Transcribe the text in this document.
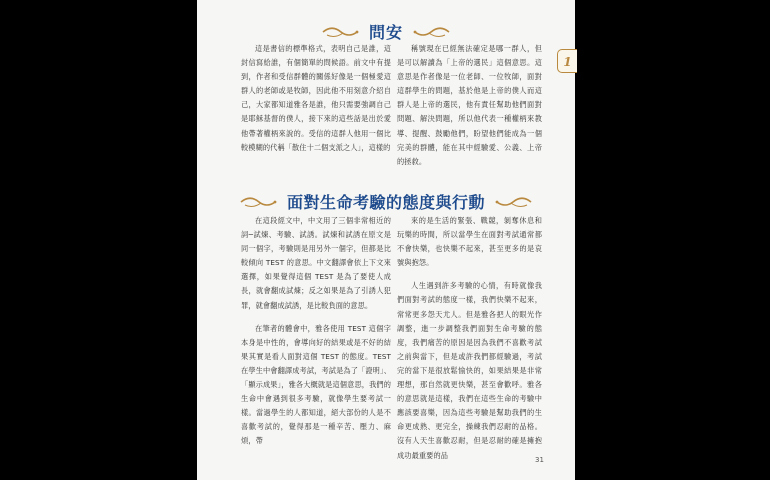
問安

這是書信的標準格式，表明自己是誰，這封信寫給誰，有個簡單的問候語。前文中有提到，作者和受信群體的關係好像是一個極愛這群人的老師或是牧師，因此他不用刻意介紹自己，大家都知道雅各是誰，他只需要強調自己是耶穌基督的僕人，接下來的這些話是出於愛他帶著權柄來說的。受信的這群人他用一個比較模糊的代稱「散住十二個支派之人」，這樣的

稱號現在已經無法確定是哪一群人，但是可以解讀為「上帝的選民」這個意思。這意思是作者像是一位老師、一位牧師，面對這群學生的問題，基於他是上帝的僕人而這群人是上帝的選民，他有責任幫助他們面對問題、解決問題，所以他代表一種權柄來教導、提醒、鼓勵他們，盼望他們能成為一個完美的群體，能在其中經驗愛、公義、上帝的拯救。

面對生命考驗的態度與行動

在這段經文中，中文用了三個非常相近的詞─試煉、考驗、試誘。試煉和試誘在原文是同一個字，考驗則是用另外一個字，但都是比較傾向 TEST 的意思。中文翻譯會依上下文來選擇，如果覺得這個 TEST 是為了要使人成長，就會翻成試煉；反之如果是為了引誘人犯罪，就會翻成試誘，是比較負面的意思。

在筆者的體會中，雅各使用 TEST 這個字本身是中性的，會導向好的結果或是不好的結果其實是看人面對這個 TEST 的態度。TEST 在學生中會翻譯成考試，考試是為了「證明」、「顯示成果」，雅各大概就是這個意思，我們的生命中會遇到很多考驗，就像學生要考試一樣。當過學生的人都知道，絕大部份的人是不喜歡考試的，覺得那是一種辛苦、壓力、麻煩，帶

來的是生活的緊張、戰競，剝奪休息和玩樂的時間，所以當學生在面對考試通常都不會快樂，也快樂不起來，甚至更多的是哀號與抱怨。

人生遇到許多考驗的心情，有時就像我們面對考試的態度一樣，我們快樂不起來，常常更多怨天尤人。但是雅各把人的眼光作調整，進一步調整我們面對生命考驗的態度，我們痛苦的原因是因為我們不喜歡考試之前與當下，但是或許我們都經驗過，考試完的當下是很放鬆愉快的，如果結果是非常理想，那自然就更快樂，甚至會歡呼。雅各的意思就是這樣，我們在這些生命的考驗中應該要喜樂，因為這些考驗是幫助我們的生命更成熟、更完全，操練我們忍耐的品格。沒有人天生喜歡忍耐，但是忍耐的確是擁抱成功最重要的品

31
1
